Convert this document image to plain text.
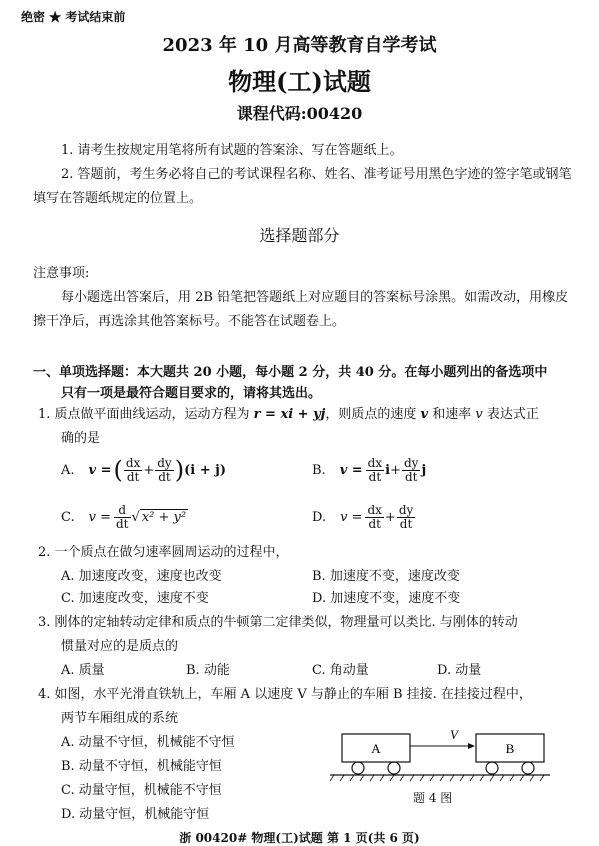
绝密 ★ 考试结束前
2023 年 10 月高等教育自学考试
物理(工)试题
课程代码:00420
1. 请考生按规定用笔将所有试题的答案涂、写在答题纸上。
2. 答题前，考生务必将自己的考试课程名称、姓名、准考证号用黑色字迹的签字笔或钢笔
填写在答题纸规定的位置上。
选择题部分
注意事项:
每小题选出答案后，用 2B 铅笔把答题纸上对应题目的答案标号涂黑。如需改动，用橡皮
擦干净后，再选涂其他答案标号。不能答在试题卷上。
一、单项选择题：本大题共 20 小题，每小题 2 分，共 40 分。在每小题列出的备选项中
只有一项是最符合题目要求的，请将其选出。
1. 质点做平面曲线运动，运动方程为 r = xi + yj，则质点的速度 v 和速率 v 表达式正
确的是
A. v = ( $\frac{dx}{dt} + \frac{dy}{dt}$ ) (i + j)	B. $v = \frac{dx}{dt}$ $i + \frac{dy}{dt}$ j
C. $v = \frac{d}{dt}$ √ x² + y²	D. $v = \frac{dx}{dt} + \frac{dy}{dt}$
2. 一个质点在做匀速率圆周运动的过程中，
A. 加速度改变，速度也改变	B. 加速度不变，速度改变
C. 加速度改变，速度不变	D. 加速度不变，速度不变
3. 刚体的定轴转动定律和质点的牛顿第二定律类似，物理量可以类比. 与刚体的转动
惯量对应的是质点的
A. 质量	B. 动能	C. 角动量	D. 动量
4. 如图，水平光滑直铁轨上，车厢 A 以速度 V 与静止的车厢 B 挂接. 在挂接过程中，
两节车厢组成的系统
A. 动量不守恒，机械能不守恒
B. 动量不守恒，机械能守恒
C. 动量守恒，机械能不守恒
D. 动量守恒，机械能守恒
A	B
V
题 4 图
浙 00420# 物理(工)试题 第 1 页(共 6 页)
